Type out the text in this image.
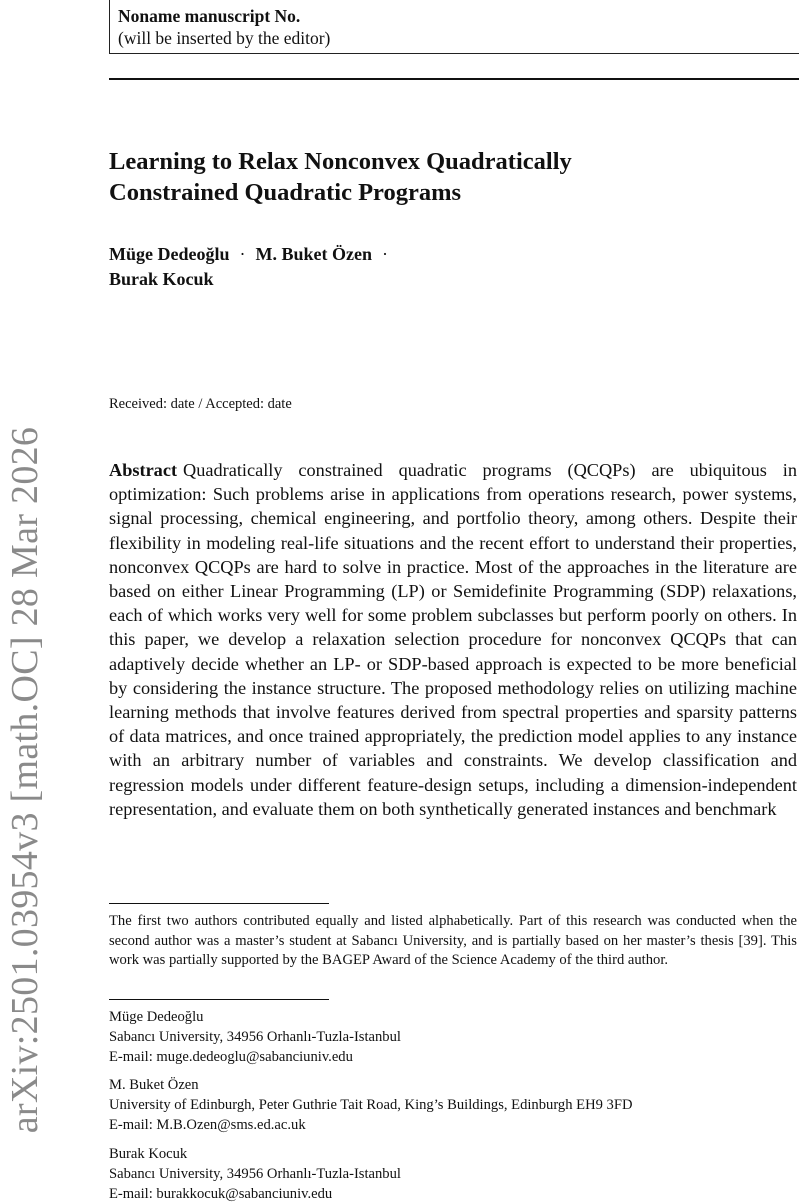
arXiv:2501.03954v3 [math.OC] 28 Mar 2026
Noname manuscript No.
(will be inserted by the editor)
Learning to Relax Nonconvex Quadratically
Constrained Quadratic Programs
Müge Dedeoğlu · M. Buket Özen ·
Burak Kocuk
Received: date / Accepted: date

Abstract Quadratically constrained quadratic programs (QCQPs) are ubiquitous in optimization: Such problems arise in applications from operations research, power systems, signal processing, chemical engineering, and portfolio theory, among others. Despite their flexibility in modeling real-life situations and the recent effort to understand their properties, nonconvex QCQPs are hard to solve in practice. Most of the approaches in the literature are based on either Linear Programming (LP) or Semidefinite Programming (SDP) relaxations, each of which works very well for some problem subclasses but perform poorly on others. In this paper, we develop a relaxation selection procedure for nonconvex QCQPs that can adaptively decide whether an LP- or SDP-based approach is expected to be more beneficial by considering the instance structure. The proposed methodology relies on utilizing machine learning methods that involve features derived from spectral properties and sparsity patterns of data matrices, and once trained appropriately, the prediction model applies to any instance with an arbitrary number of variables and constraints. We develop classification and regression models under different feature-design setups, including a dimension-independent representation, and evaluate them on both synthetically generated instances and benchmark

The first two authors contributed equally and listed alphabetically. Part of this research was conducted when the second author was a master’s student at Sabancı University, and is partially based on her master’s thesis [39]. This work was partially supported by the BAGEP Award of the Science Academy of the third author.

Müge Dedeoğlu
Sabancı University, 34956 Orhanlı-Tuzla-Istanbul
E-mail: muge.dedeoglu@sabanciuniv.edu
M. Buket Özen
University of Edinburgh, Peter Guthrie Tait Road, King’s Buildings, Edinburgh EH9 3FD
E-mail: M.B.Ozen@sms.ed.ac.uk
Burak Kocuk
Sabancı University, 34956 Orhanlı-Tuzla-Istanbul
E-mail: burakkocuk@sabanciuniv.edu
